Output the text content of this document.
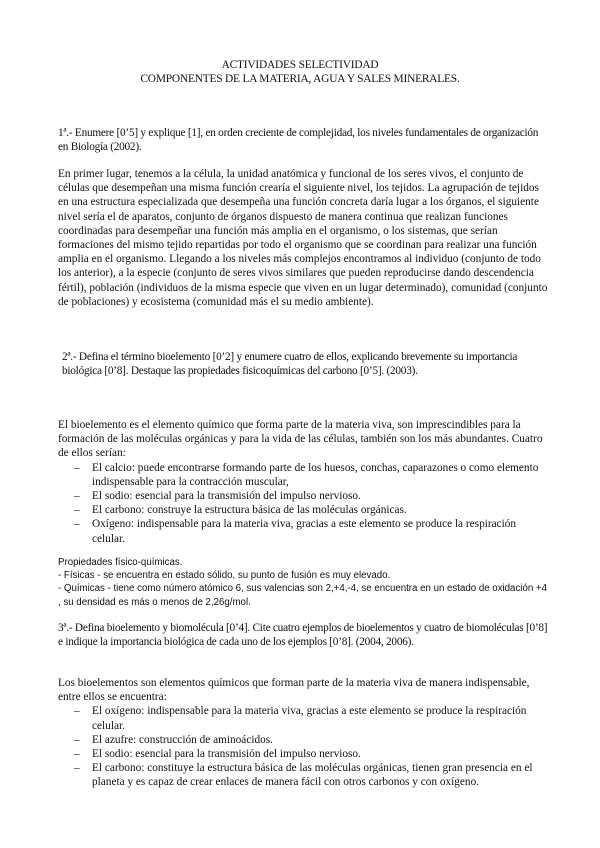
ACTIVIDADES SELECTIVIDAD
COMPONENTES DE LA MATERIA, AGUA Y SALES MINERALES.

1ª.- Enumere [0’5] y explique [1], en orden creciente de complejidad, los niveles fundamentales de organización en Biología (2002).

En primer lugar, tenemos a la célula, la unidad anatómica y funcional de los seres vivos, el conjunto de células que desempeñan una misma función crearía el siguiente nivel, los tejidos. La agrupación de tejidos en una estructura especializada que desempeña una función concreta daría lugar a los órganos, el siguiente nivel sería el de aparatos, conjunto de órganos dispuesto de manera continua que realizan funciones coordinadas para desempeñar una función más amplia en el organismo, o los sistemas, que serían formaciones del mismo tejido repartidas por todo el organismo que se coordinan para realizar una función amplia en el organismo. Llegando a los niveles más complejos encontramos al individuo (conjunto de todo los anterior), a la especie (conjunto de seres vivos similares que pueden reproducirse dando descendencia fértil), población (individuos de la misma especie que viven en un lugar determinado), comunidad (conjunto de poblaciones) y ecosistema (comunidad más el su medio ambiente).

2ª.- Defina el término bioelemento [0’2] y enumere cuatro de ellos, explicando brevemente su importancia biológica [0’8]. Destaque las propiedades fisicoquímicas del carbono [0’5]. (2003).

El bioelemento es el elemento químico que forma parte de la materia viva, son imprescindibles para la formación de las moléculas orgánicas y para la vida de las células, también son los más abundantes. Cuatro de ellos serían:

– El calcio: puede encontrarse formando parte de los huesos, conchas, caparazones o como elemento indispensable para la contracción muscular,
– El sodio: esencial para la transmisión del impulso nervioso.
– El carbono: construye la estructura básica de las moléculas orgánicas.
– Oxígeno: indispensable para la materia viva, gracias a este elemento se produce la respiración celular.
Propiedades físico-químicas.
- Físicas - se encuentra en estado sólido, su punto de fusión es muy elevado.
- Químicas - tiene como número atómico 6, sus valencias son 2,+4,-4, se encuentra en un estado de oxidación +4 , su densidad es más o menos de 2,26g/mol.

3ª.- Defina bioelemento y biomolécula [0’4]. Cite cuatro ejemplos de bioelementos y cuatro de biomoléculas [0’8] e indique la importancia biológica de cada uno de los ejemplos [0’8]. (2004, 2006).

Los bioelementos son elementos químicos que forman parte de la materia viva de manera indispensable, entre ellos se encuentra:

– El oxígeno: indispensable para la materia viva, gracias a este elemento se produce la respiración celular.
– El azufre: construcción de aminoácidos.
– El sodio: esencial para la transmisión del impulso nervioso.
– El carbono: constituye la estructura básica de las moléculas orgánicas, tienen gran presencia en el planeta y es capaz de crear enlaces de manera fácil con otros carbonos y con oxígeno.
